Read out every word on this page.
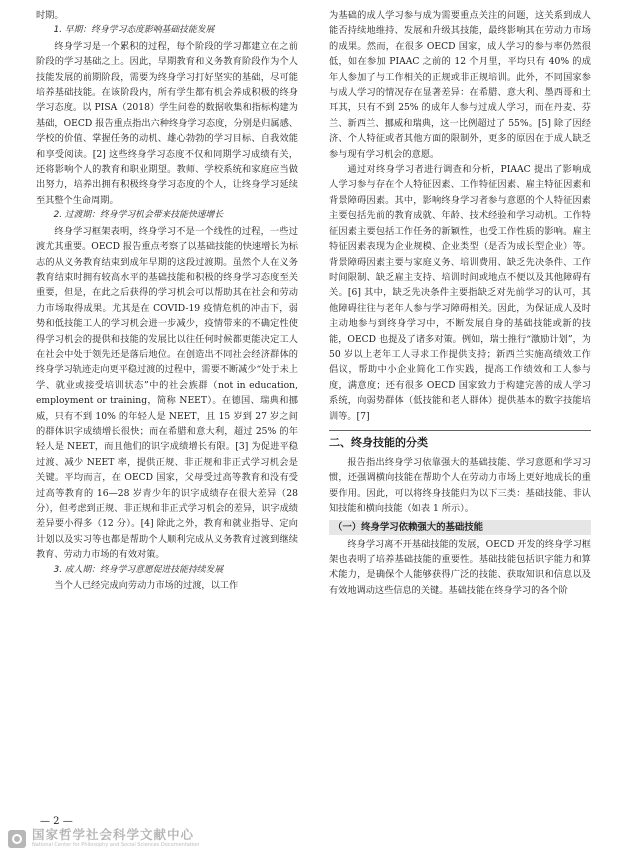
时期。

1. 早期：终身学习态度影响基础技能发展

终身学习是一个累积的过程，每个阶段的学习都建立在之前阶段的学习基础之上。因此，早期教育和义务教育阶段作为个人技能发展的前期阶段，需要为终身学习打好坚实的基础，尽可能培养基础技能。在该阶段内，所有学生都有机会养成积极的终身学习态度。以 PISA（2018）学生问卷的数据收集和指标构建为基础，OECD 报告重点指出六种终身学习态度，分别是归属感、学校的价值、掌握任务的动机、雄心勃勃的学习目标、自我效能和享受阅读。[2] 这些终身学习态度不仅和同期学习成绩有关，还将影响个人的教育和职业期望。教师、学校系统和家庭应当做出努力，培养出拥有积极终身学习态度的个人，让终身学习延续至其整个生命周期。

2. 过渡期：终身学习机会带来技能快速增长

终身学习框架表明，终身学习不是一个线性的过程，一些过渡尤其重要。OECD 报告重点考察了以基础技能的快速增长为标志的从义务教育结束到成年早期的这段过渡期。虽然个人在义务教育结束时拥有较高水平的基础技能和积极的终身学习态度至关重要，但是，在此之后获得的学习机会可以帮助其在社会和劳动力市场取得成果。尤其是在 COVID-19 疫情危机的冲击下，弱势和低技能工人的学习机会进一步减少，疫情带来的不确定性使得学习机会的提供和技能的发展比以往任何时候都更能决定工人在社会中处于领先还是落后地位。在创造出不同社会经济群体的终身学习轨迹走向更平稳过渡的过程中，需要不断减少“处于未上学、就业或接受培训状态”中的社会族群（not in education, employment or training，简称 NEET）。在德国、瑞典和挪威，只有不到 10% 的年轻人是 NEET，且 15 岁到 27 岁之间的群体识字成绩增长很快；而在希腊和意大利，超过 25% 的年轻人是 NEET，而且他们的识字成绩增长有限。[3] 为促进平稳过渡、减少 NEET 率，提供正规、非正规和非正式学习机会是关键。平均而言，在 OECD 国家，父母受过高等教育和没有受过高等教育的 16—28 岁青少年的识字成绩存在很大差异（28 分），但考虑到正规、非正规和非正式学习机会的差异，识字成绩差异要小得多（12 分）。[4] 除此之外，教育和就业指导、定向计划以及实习等也都是帮助个人顺利完成从义务教育过渡到继续教育、劳动力市场的有效对策。

3. 成人期：终身学习意愿促进技能持续发展

当个人已经完成向劳动力市场的过渡，以工作

为基础的成人学习参与成为需要重点关注的问题，这关系到成人能否持续地维持、发展和升级其技能，最终影响其在劳动力市场的成果。然而，在很多 OECD 国家，成人学习的参与率仍然很低，如在参加 PIAAC 之前的 12 个月里，平均只有 40% 的成年人参加了与工作相关的正规或非正规培训。此外，不同国家参与成人学习的情况存在显著差异：在希腊、意大利、墨西哥和土耳其，只有不到 25% 的成年人参与过成人学习，而在丹麦、芬兰、新西兰、挪威和瑞典，这一比例超过了 55%。[5] 除了因经济、个人特征或者其他方面的限制外，更多的原因在于成人缺乏参与现有学习机会的意愿。

通过对终身学习者进行调查和分析，PIAAC 提出了影响成人学习参与存在个人特征因素、工作特征因素、雇主特征因素和背景障碍因素。其中，影响终身学习者参与意愿的个人特征因素主要包括先前的教育成就、年龄、技术经验和学习动机。工作特征因素主要包括工作任务的新颖性，也受工作性质的影响。雇主特征因素表现为企业规模、企业类型（是否为成长型企业）等。背景障碍因素主要与家庭义务、培训费用、缺乏先决条件、工作时间限制、缺乏雇主支持、培训时间或地点不便以及其他障碍有关。[6] 其中，缺乏先决条件主要指缺乏对先前学习的认可，其他障碍往往与老年人参与学习障碍相关。因此，为保证成人及时主动地参与到终身学习中，不断发展自身的基础技能或新的技能，OECD 也提及了诸多对策。例如，瑞士推行“激励计划”，为 50 岁以上老年工人寻求工作提供支持；新西兰实施高绩效工作倡议，帮助中小企业简化工作实践，提高工作绩效和工人参与度，满意度；还有很多 OECD 国家致力于构建完善的成人学习系统，向弱势群体（低技能和老人群体）提供基本的数字技能培训等。[7]

二、终身技能的分类

报告指出终身学习依靠强大的基础技能、学习意愿和学习习惯，还强调横向技能在帮助个人在劳动力市场上更好地成长的重要作用。因此，可以将终身技能归为以下三类：基础技能、非认知技能和横向技能（如表 1 所示）。

（一）终身学习依赖强大的基础技能

终身学习离不开基础技能的发展，OECD 开发的终身学习框架也表明了培养基础技能的重要性。基础技能包括识字能力和算术能力，是确保个人能够获得广泛的技能、获取知识和信息以及有效地调动这些信息的关键。基础技能在终身学习的各个阶

— 2 —
国家哲学社会科学文献中心
National Center for Philosophy and Social Sciences Documentation
